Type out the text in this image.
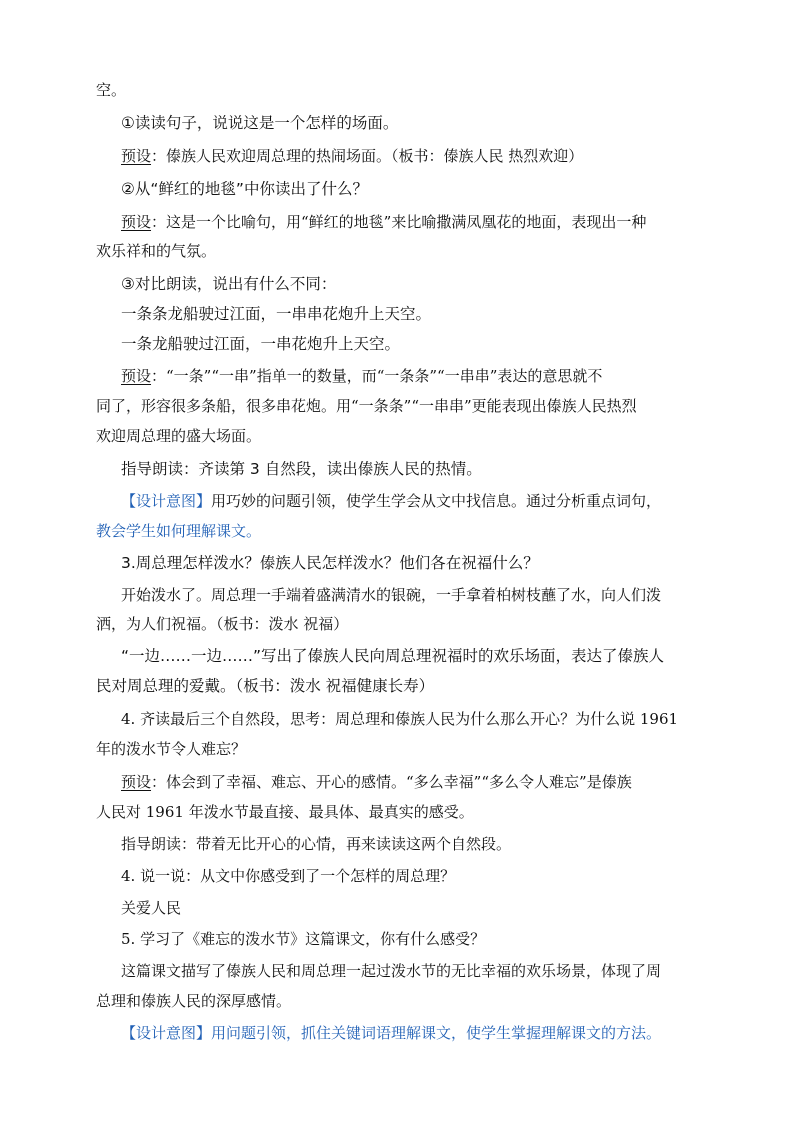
空。
①读读句子，说说这是一个怎样的场面。
预设：傣族人民欢迎周总理的热闹场面。（板书：傣族人民 热烈欢迎）
②从“鲜红的地毯”中你读出了什么？
预设：这是一个比喻句，用“鲜红的地毯”来比喻撒满凤凰花的地面，表现出一种
欢乐祥和的气氛。
③对比朗读，说出有什么不同：
一条条龙船驶过江面，一串串花炮升上天空。
一条龙船驶过江面，一串花炮升上天空。
预设：“一条”“一串”指单一的数量，而“一条条”“一串串”表达的意思就不
同了，形容很多条船，很多串花炮。用“一条条”“一串串”更能表现出傣族人民热烈
欢迎周总理的盛大场面。
指导朗读：齐读第 3 自然段，读出傣族人民的热情。
【设计意图】用巧妙的问题引领，使学生学会从文中找信息。通过分析重点词句，
教会学生如何理解课文。
3.周总理怎样泼水？傣族人民怎样泼水？他们各在祝福什么？
开始泼水了。周总理一手端着盛满清水的银碗，一手拿着柏树枝蘸了水，向人们泼
洒，为人们祝福。（板书：泼水 祝福）
“一边……一边……”写出了傣族人民向周总理祝福时的欢乐场面，表达了傣族人
民对周总理的爱戴。（板书：泼水 祝福健康长寿）
4. 齐读最后三个自然段，思考：周总理和傣族人民为什么那么开心？为什么说 1961
年的泼水节令人难忘？
预设：体会到了幸福、难忘、开心的感情。“多么幸福”“多么令人难忘”是傣族
人民对 1961 年泼水节最直接、最具体、最真实的感受。
指导朗读：带着无比开心的心情，再来读读这两个自然段。
4. 说一说：从文中你感受到了一个怎样的周总理？
关爱人民
5. 学习了《难忘的泼水节》这篇课文，你有什么感受？
这篇课文描写了傣族人民和周总理一起过泼水节的无比幸福的欢乐场景，体现了周
总理和傣族人民的深厚感情。
【设计意图】用问题引领，抓住关键词语理解课文，使学生掌握理解课文的方法。
